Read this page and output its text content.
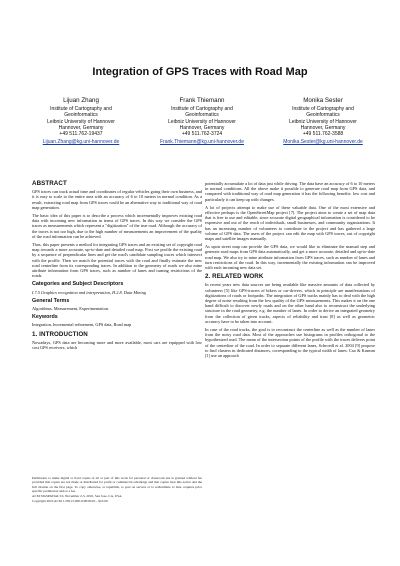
Integration of GPS Traces with Road Map
Lijuan Zhang
Institute of Cartography and
Geoinformatics
Leibniz University of Hannover
Hannover, Germany
+49 511.762-19437
Lijuan.Zhang@kg.uni-hannover.de
Frank Thiemann
Institute of Cartography and
Geoinformatics
Leibniz University of Hannover
Hannover, Germany
+49 511.762-3724
Frank.Thiemann@kg.uni-hannover.de
Monika Sester
Institute of Cartography and
Geoinformatics
Leibniz University of Hannover
Hannover, Germany
+49 511.762-3588
Monika.Sester@kg.uni-hannover.de
ABSTRACT

GPS traces can track actual time and coordinates of regular vehicles going their own business, and it is easy to scale to the entire area with an accuracy of 6 to 10 meters in normal condition. As a result, extracting road map from GPS traces could be an alternative way to traditional way of road map generation.

The basic idea of this paper is to describe a process which incrementally improves existing road data with incoming new information in terms of GPS traces. In this way we consider the GPS traces as measurements which represent a "digitization" of the true road. Although the accuracy of the traces is not too high, due to the high number of measurements an improvement of the quality of the road information can be achieved.

Thus, this paper presents a method for integrating GPS traces and an existing set of copyright road map towards a more accurate, up-to-date and detailed road map. First we profile the existing road by a sequence of perpendicular lines and get the road's candidate sampling traces which intersect with the profile. Then we match the potential traces with the road and finally estimate the new road centerline from its corresponding traces. In addition to the geometry of roads we also mine attribute information from GPS traces, such as number of lanes and turning restrictions of the roads.

Categories and Subject Descriptors

I.7.5 Graphics recognition and interpretation, H.2.8. Data Mining

General Terms

Algorithms, Measurement, Experimentation.

Keywords

Integration, Incremental refinement, GPS data, Road map

1. INTRODUCTION

Nowadays, GPS data are becoming more and more available, most cars are equipped with low cost GPS receivers, which

Permission to make digital or hard copies of all or part of this work for personal or classroom use is granted without fee provided that copies are not made or distributed for profit or commercial advantage and that copies bear this notice and the full citation on the first page. To copy otherwise, or republish, to post on servers or to redistribute to lists, requires prior specific permission and/or a fee.

ACM SIGSPATIAL'10, November 2-5, 2010, San Jose, CA, USA.

Copyright 2010 ACM 1-58113-000-0/00/0010…$10.00.

potentially accumulate a lot of data just while driving. The data have an accuracy of 6 to 10 meters in normal conditions. All the above make it possible to generate road map from GPS data, and compared with traditional way of road map generation it has the following benefits: low cost and particularly it can keep up with changes.

A lot of projects attempt to make use of these valuable data. One of the most extensive and effective perhaps is the OpenStreetMap project [7]. The project aims to create a set of map data that is free to use and editable, since accurate digital geographical information is considered to be expensive and out of the reach of individuals, small businesses, and community organizations. It has an increasing number of volunteers to contribute to the project and has gathered a large volume of GPS data. The users of the project can edit the map with GPS traces, out of copyright maps and satellite images manually.

As upon street map can provide the GPS data, we would like to eliminate the manual step and generate road maps from GPS data automatically, and get a more accurate, detailed and up-to-date road map. We also try to mine attribute information from GPS traces, such as number of lanes and turn restrictions of the road. In this way, incrementally the existing information can be improved with each incoming new data set.

2. RELATED WORK

In recent years new data sources are being available like massive amounts of data collected by volunteers [5] like GPS-tracers of bikers or car-drivers, which in principle are manifestations of digitizations of roads or footpaths. The integration of GPS tracks mainly has to deal with the high degree of noise resulting from the low quality of the GPS measurements. This makes it on the one hand difficult to discover newly roads and on the other hand also to reconstruct the underlying structure in the road geometry, e.g. the number of lanes. In order to derive an integrated geometry from the collection of given tracks, aspects of reliability and trust [8] as well as geometric accuracy have to be taken into account.

In case of the road tracks, the goal is to reconstruct the centerline as well as the number of lanes from the noisy road data. Most of the approaches use histograms in profiles orthogonal to the hypothesized road. The mean of the intersection points of the profile with the traces delivers point of the centerline of the road. In order to separate different lanes, Schroedl et al. 2004 [9] propose to find clusters in dedicated distances, corresponding to the typical width of lanes. Cao & Krumm [1] use an approach
